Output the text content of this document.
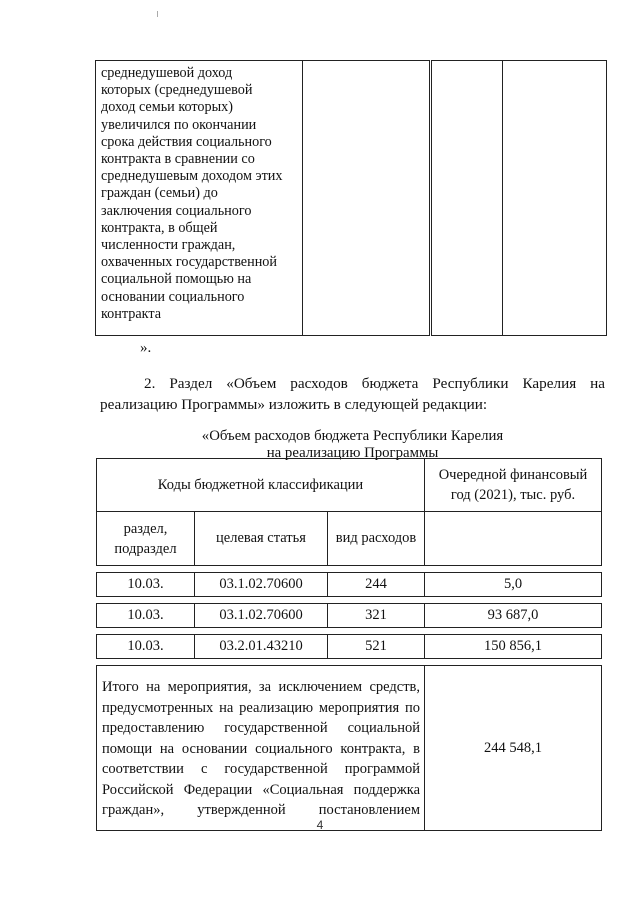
среднедушевой доход
которых (среднедушевой
доход семьи которых)
увеличился по окончании
срока действия социального
контракта в сравнении со
среднедушевым доходом этих
граждан (семьи) до
заключения социального
контракта, в общей
численности граждан,
охваченных государственной
социальной помощью на
основании социального
контракта

».

2. Раздел «Объем расходов бюджета Республики Карелия на
реализацию Программы» изложить в следующей редакции:

«Объем расходов бюджета Республики Карелия
на реализацию Программы

Коды бюджетной классификации			Очередной финансовый год (2021), тыс. руб.
раздел, подраздел	целевая статья	вид расходов	

10.03.	03.1.02.70600	244	5,0

10.03.	03.1.02.70600	321	93 687,0

10.03.	03.2.01.43210	521	150 856,1

Итого на мероприятия, за исключением средств, предусмотренных на реализацию мероприятия по предоставлению государственной социальной помощи на основании социального контракта, в соответствии с государственной программой Российской Федерации «Социальная поддержка граждан», утвержденной постановлением			244 548,1
4
